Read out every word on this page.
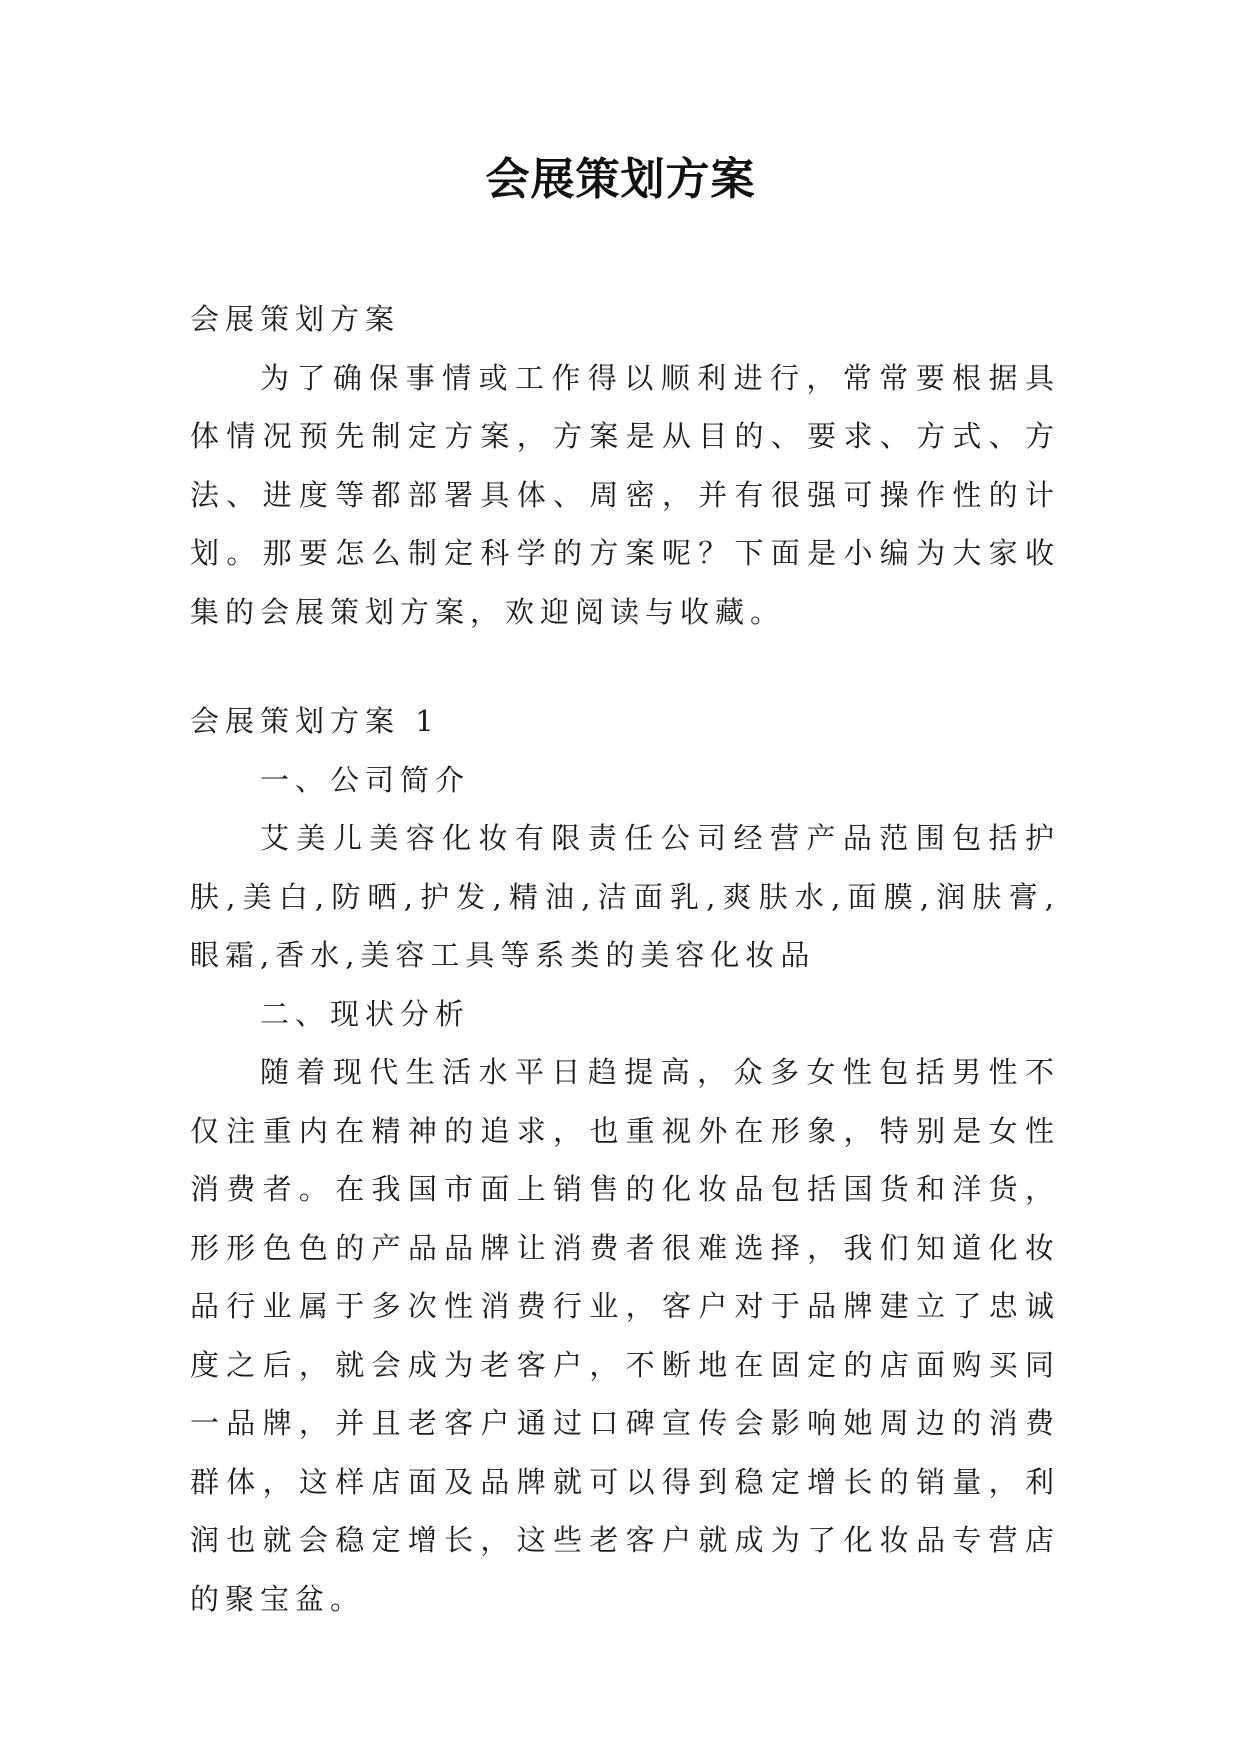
会展策划方案

会展策划方案

为了确保事情或工作得以顺利进行，常常要根据具体情况预先制定方案，方案是从目的、要求、方式、方法、进度等都部署具体、周密，并有很强可操作性的计划。那要怎么制定科学的方案呢？下面是小编为大家收集的会展策划方案，欢迎阅读与收藏。

会展策划方案 1

一、公司简介

艾美儿美容化妆有限责任公司经营产品范围包括护肤,美白,防晒,护发,精油,洁面乳,爽肤水,面膜,润肤膏,眼霜,香水,美容工具等系类的美容化妆品

二、现状分析

随着现代生活水平日趋提高，众多女性包括男性不仅注重内在精神的追求，也重视外在形象，特别是女性消费者。在我国市面上销售的化妆品包括国货和洋货，形形色色的产品品牌让消费者很难选择，我们知道化妆品行业属于多次性消费行业，客户对于品牌建立了忠诚度之后，就会成为老客户，不断地在固定的店面购买同一品牌，并且老客户通过口碑宣传会影响她周边的消费群体，这样店面及品牌就可以得到稳定增长的销量，利润也就会稳定增长，这些老客户就成为了化妆品专营店的聚宝盆。
